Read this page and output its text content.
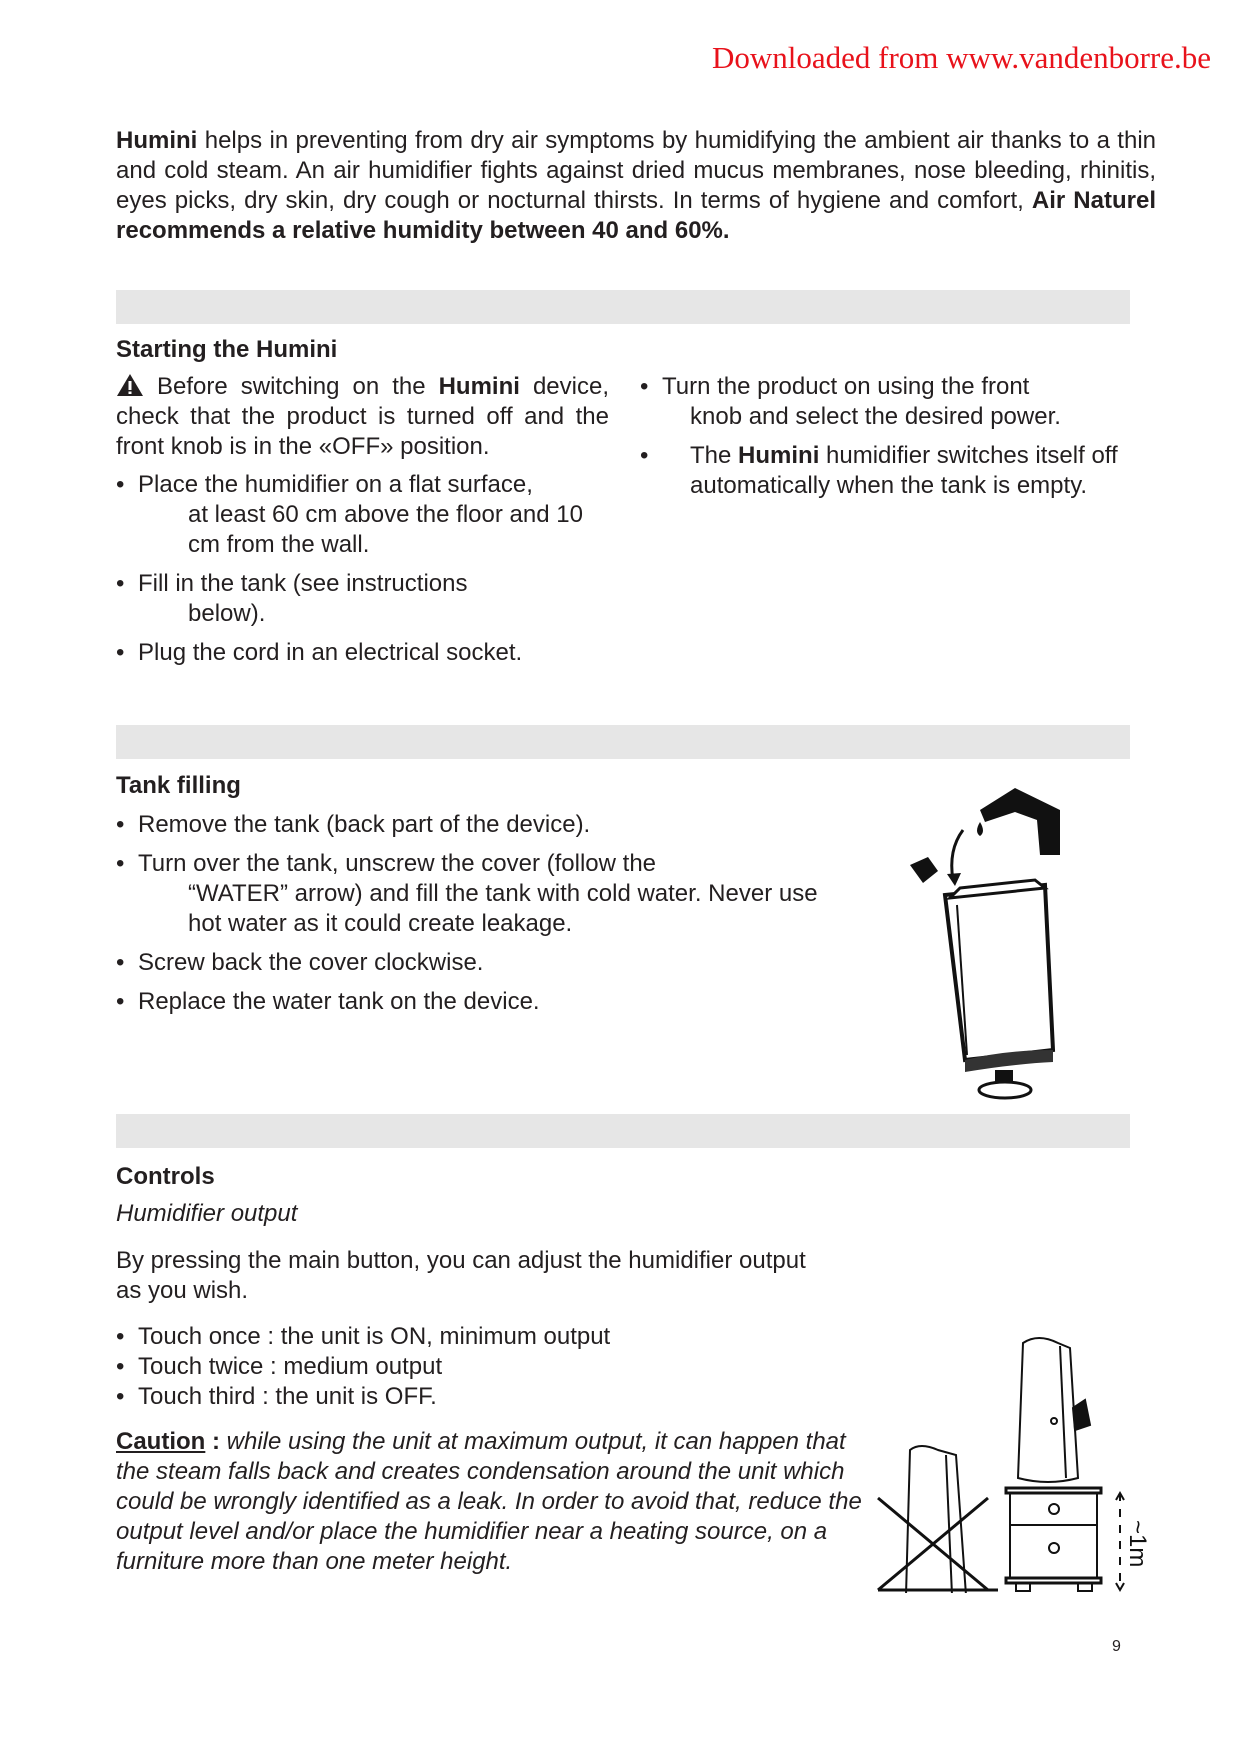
Humini helps in preventing from dry air symptoms by humidifying the ambient air thanks to a thin and cold steam. An air humidifier fights against dried mucus membranes, nose bleeding, rhinitis, eyes picks, dry skin, dry cough or nocturnal thirsts. In terms of hygiene and comfort, Air Naturel recommends a relative humidity between 40 and 60%.
Starting the Humini
Before switching on the Humini device, check that the product is turned off and the front knob is in the «OFF» position.
• Place the humidifier on a flat surface,
at least 60 cm above the floor and 10 cm from the wall.
• Fill in the tank (see instructions
below).
• Plug the cord in an electrical socket.
• Turn the product on using the front
knob and select the desired power.
• The Humini humidifier switches itself off automatically when the tank is empty.
Tank filling
• Remove the tank (back part of the device).
• Turn over the tank, unscrew the cover (follow the
“WATER” arrow) and fill the tank with cold water. Never use hot water as it could create leakage.
• Screw back the cover clockwise.
• Replace the water tank on the device.
Controls
Humidifier output
By pressing the main button, you can adjust the humidifier output as you wish.
• Touch once : the unit is ON, minimum output
• Touch twice : medium output
• Touch third : the unit is OFF.
Caution : while using the unit at maximum output, it can happen that the steam falls back and creates condensation around the unit which could be wrongly identified as a leak. In order to avoid that, reduce the output level and/or place the humidifier near a heating source, on a furniture more than one meter height.	~1m
9
Downloaded from www.vandenborre.be
